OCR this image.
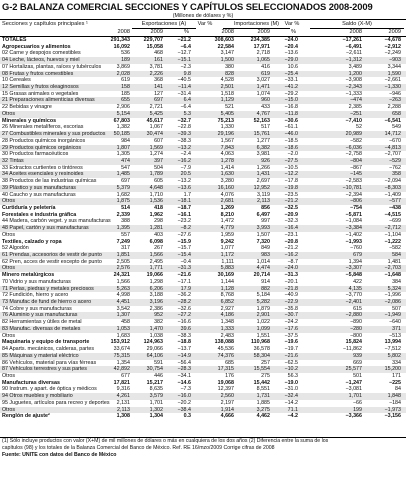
G-2 BALANZA COMERCIAL SECCIONES Y CAPÍTULOS SELECCIONADOS 2008-2009
(Millones de dólares y %)
Secciones y capítulos principales ¹	Exportaciones (A)	Var %	Importaciones (M) Var %	Saldo (X-M)
2008	2009	%	2008	2009	%	2008	2009
TOTALES	291,343	229,707	−21.2	308,603	234,385	−24.0	−17,261	−4,678
Agropecuarios y alimentos	16,092	15,058	−6.4	22,584	17,971	−20.4	−6,491	−2,912
02 Carne y despojos comestibles	536	468	−12.7	3,147	2,718	−13.6	−2,611	−2,249
04 Leche, lácteos, huevos y miel	189	161	−15.1	1,500	1,065	−29.0	−1,312	−903
07 Hortalizas, plantas, raíces y tubérculos	3,869	3,781	−2.3	380	416	10.6	3,489	3,344
08 Frutas y frutos comestibles	2,028	2,226	9.8	828	619	−25.4	1,200	1,590
10 Cereales	619	368	−40.5	4,528	3,027	−33.1	−3,908	−2,661
12 Semillas y frutos oleaginosos	158	141	−11.4	2,501	1,471	−41.2	−2,343	−1,330
15 Grasas animales o vegetales	185	127	−31.4	1,518	1,074	−29.2	−1,333	−946
21 Preparaciones alimenticias diversas	655	697	6.4	1,129	960	−15.0	−474	−263
22 Bebidas y vinagre	2,906	2,721	−6.4	521	433	−16.8	2,385	2,288
Otros	5,154	5,425	5.3	5,405	4,767	−11.8	−251	658
Minerales y químicos	67,803	45,617	−32.7	75,213	52,163	−30.6	−7,410	−6,541
26 Minerales metalíferos, escorias	1,382	1,067	−22.8	1,330	517	−61.1	52	549
27 Combustibles minerales y sus productos	50,185	30,474	−39.3	29,196	15,761	−46.0	20,989	14,712
28 Productos químicos inorgánicos	984	607	−38.3	1,567	1,277	−18.5	−582	−670
29 Productos químicos orgánicos	1,807	1,569	−13.2	7,843	6,382	−18.6	−6,036	−4,813
30 Productos farmacéuticos	1,305	1,274	−2.4	4,063	3,981	−2.0	−2,758	−2,707
32 Tintas	474	397	−16.2	1,278	926	−27.5	−804	−529
33 Extractos curtientes o tintóreos	547	504	−7.9	1,414	1,266	−10.5	−867	−762
34 Aceites esenciales y resinoides	1,485	1,789	20.5	1,630	1,431	−12.2	−145	358
38 Productos de las industrias químicas	697	605	−13.2	3,280	2,697	−17.8	−2,583	−2,094
39 Plástico y sus manufacturas	5,379	4,648	−13.6	16,160	12,952	−19.8	−10,781	−8,303
40 Caucho y sus manufacturas	1,682	1,710	1.7	4,076	3,119	−23.5	−2,394	−1,409
Otros	1,875	1,536	−18.1	2,681	2,113	−21.2	−806	−577
Curtiduría y peletería	514	418	−18.7	1,269	856	−32.5	−754	−438
Forestales e industria gráfica	2,339	1,962	−16.1	8,210	6,497	−20.9	−5,871	−4,515
44 Madera, carbón veget. y sus manufacturas	388	298	−23.2	1,472	997	−32.3	−1,084	−699
48 Papel, cartón y sus manufacturas	1,395	1,281	−8.2	4,779	3,993	−16.4	−3,384	−2,712
Otros	557	403	−27.6	1,959	1,507	−23.1	−1,402	−1,104
Textiles, calzado y ropa	7,249	6,098	−15.9	9,242	7,320	−20.8	−1,993	−1,222
52 Algodón	317	267	−15.7	1,077	849	−21.2	−760	−582
61 Prendas, accesorios de vestir de punto	1,851	1,566	−15.4	1,172	983	−16.2	679	584
62 Pren, acces de vestir excepto de punto	2,505	2,495	−0.4	1,111	1,014	−8.7	1,394	1,481
Otros	2,576	1,771	−31.3	5,883	4,474	−24.0	−3,307	−2,703
Minero metalúrgicos	24,321	19,066	−21.6	30,169	20,714	−31.3	−5,848	−1,648
70 Vidrio y sus manufacturas	1,566	1,298	−17.1	1,144	914	−20.1	422	384
71 Perlas, piedras y metales preciosos	5,263	6,206	17.9	1,128	882	−21.8	4,135	5,324
72 Fundición, hierro y acero	4,998	3,188	−36.2	8,768	5,184	−40.9	−3,770	−1,996
73 Manufac de fund de hierro o acero	4,451	3,196	−28.2	6,852	5,282	−22.9	−2,401	−2,086
74 Cobre y sus manufacturas	3,542	2,386	−32.6	2,927	1,879	−35.8	615	507
76 Aluminio y sus manufacturas	1,307	952	−27.2	4,186	2,901	−30.7	−2,880	−1,949
82 Herramientas y útiles de metal	458	382	−16.6	1,348	1,022	−24.2	−890	−640
83 Manufac. diversas de metales	1,053	1,470	39.6	1,333	1,099	−17.6	−280	371
Otros	1,683	1,038	−38.3	2,483	1,551	−37.5	−800	−513
Maquinaria y equipo de transporte	153,912	124,963	−18.8	138,088	110,968	−19.6	15,824	13,994
84 Aparts. mecánicos, calderas, partes	33,674	29,066	−13.7	45,536	36,578	−19.7	−11,862	−7,512
85 Máquinas y material eléctrico	75,315	64,106	−14.9	74,376	58,304	−21.6	939	5,802
86 Vehículos, material para vías férreas	1,354	591	−56.4	685	257	−62.5	669	334
87 Vehículos terrestres y sus partes	42,892	30,754	−28.3	17,315	15,554	−10.2	25,577	15,200
Otros	677	446	−34.1	176	275	56.3	501	171
Manufacturas diversas	17,821	15,217	−14.6	19,068	15,442	−19.0	−1,247	−225
90 Instrum. y apart. de óptica y médicos	9,316	8,635	−7.3	12,397	8,551	−31.0	−3,081	84
94 Otros muebles y mobiliario	4,261	3,579	−16.0	2,560	1,731	−32.4	1,701	1,848
95 Juguetes, artículos para recreo y deportes	2,131	1,701	−20.2	2,197	1,885	−14.2	−66	−184
Otros	2,113	1,302	−38.4	1,914	3,275	71.1	199	−1,973
Renglón de ajuste²	1,308	1,304	0.3	4,666	4,462	−4.2	−3,366	−3,156
(1) Sólo incluye productos con valor (X+M) de mil millones de dólares o más en cualquiera de los dos años (2) Diferencia entre la suma de los
capítulos (98) y los totales de la Balanza Comercial del Banco de México. Ref. RE 16/mzo/2009 Corrige cifras de 2008
Fuente: UNITE con datos del Banco de México
